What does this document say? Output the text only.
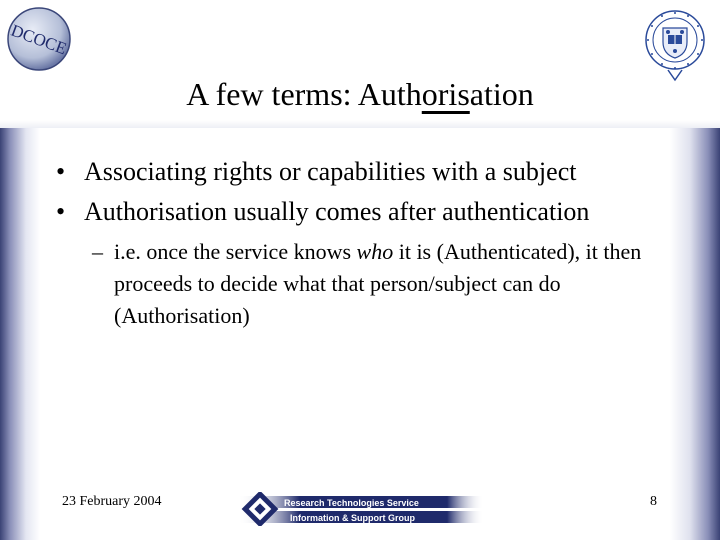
DCOCE
A few terms: Authorisation
• Associating rights or capabilities with a subject
• Authorisation usually comes after authentication
– i.e. once the service knows who it is (Authenticated), it then proceeds to decide what that person/subject can do (Authorisation)
23 February 2004	Research Technologies Service
Information & Support Group
8
